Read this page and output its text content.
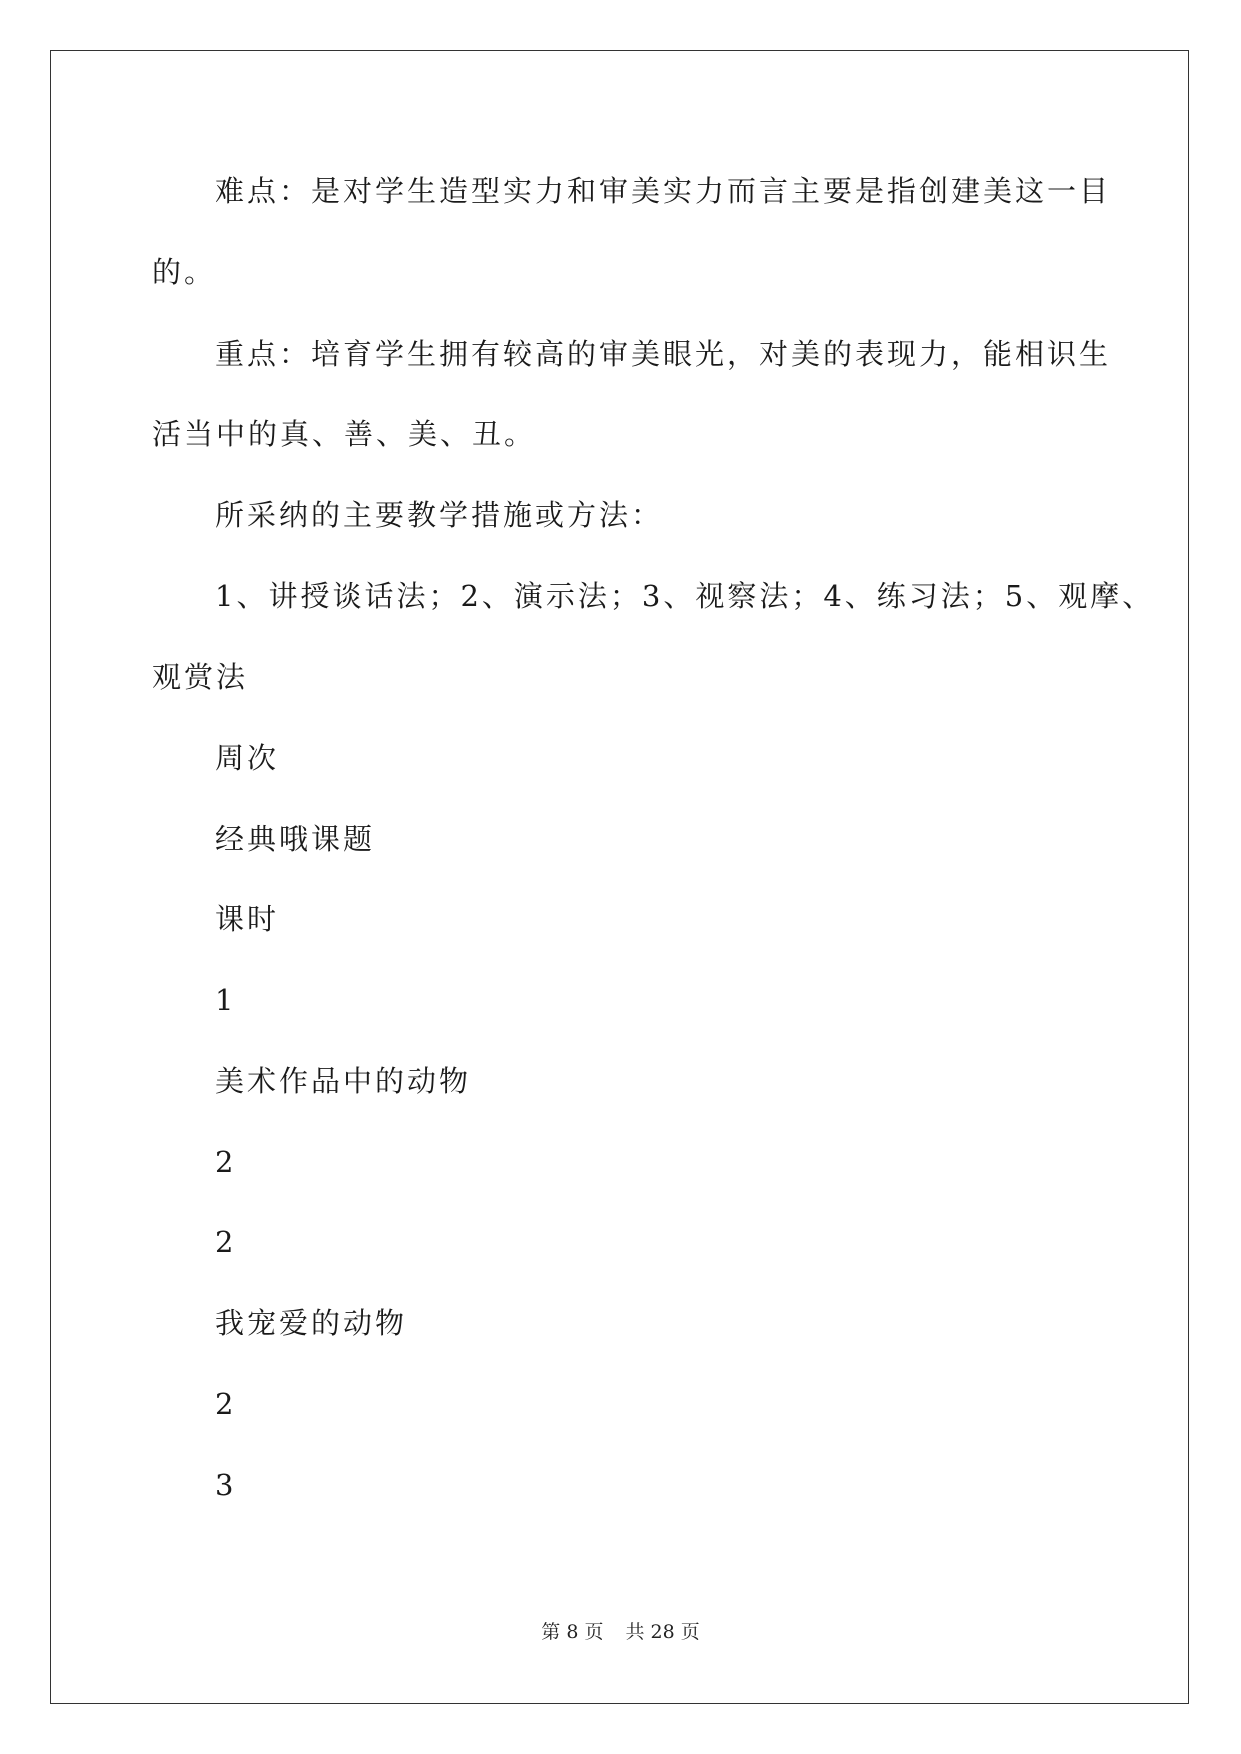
难点：是对学生造型实力和审美实力而言主要是指创建美这一目
的。
重点：培育学生拥有较高的审美眼光，对美的表现力，能相识生
活当中的真、善、美、丑。
所采纳的主要教学措施或方法：
1、讲授谈话法；2、演示法；3、视察法；4、练习法；5、观摩、
观赏法
周次
经典哦课题
课时
1
美术作品中的动物
2
2
我宠爱的动物
2
3
第 8 页 共 28 页
